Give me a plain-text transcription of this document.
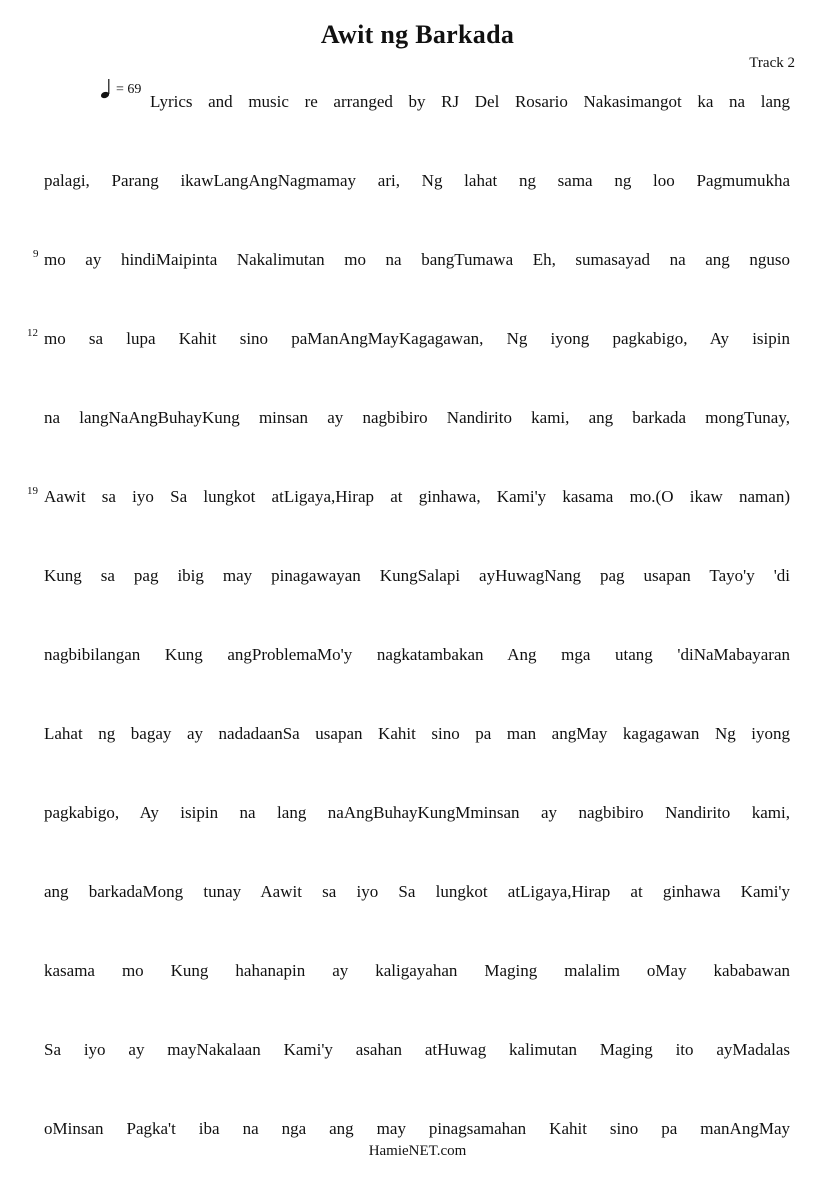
Awit ng Barkada
Track 2
= 69
Lyrics and music re arranged by RJ Del Rosario Nakasimangot ka na lang
palagi, Parang ikawLangAngNagmamay ari, Ng lahat ng sama ng loo Pagmumukha
9 mo ay hindiMaipinta Nakalimutan mo na bangTumawa Eh, sumasayad na ang nguso
12 mo sa lupa Kahit sino paManAngMayKagagawan, Ng iyong pagkabigo, Ay isipin
na langNaAngBuhayKung minsan ay nagbibiro Nandirito kami, ang barkada mongTunay,
19 Aawit sa iyo Sa lungkot atLigaya,Hirap at ginhawa, Kami'y kasama mo.(O ikaw naman)
Kung sa pag ibig may pinagawayan KungSalapi ayHuwagNang pag usapan Tayo'y 'di
nagbibilangan Kung angProblemaMo'y nagkatambakan Ang mga utang 'diNaMabayaran
Lahat ng bagay ay nadadaanSa usapan Kahit sino pa man angMay kagagawan Ng iyong
pagkabigo, Ay isipin na lang naAngBuhayKungMminsan ay nagbibiro Nandirito kami,
ang barkadaMong tunay Aawit sa iyo Sa lungkot atLigaya,Hirap at ginhawa Kami'y
kasama mo Kung hahanapin ay kaligayahan Maging malalim oMay kababawan
Sa iyo ay mayNakalaan Kami'y asahan atHuwag kalimutan Maging ito ayMadalas
oMinsan Pagka't iba na nga ang may pinagsamahan Kahit sino pa manAngMay
HamieNET.com
